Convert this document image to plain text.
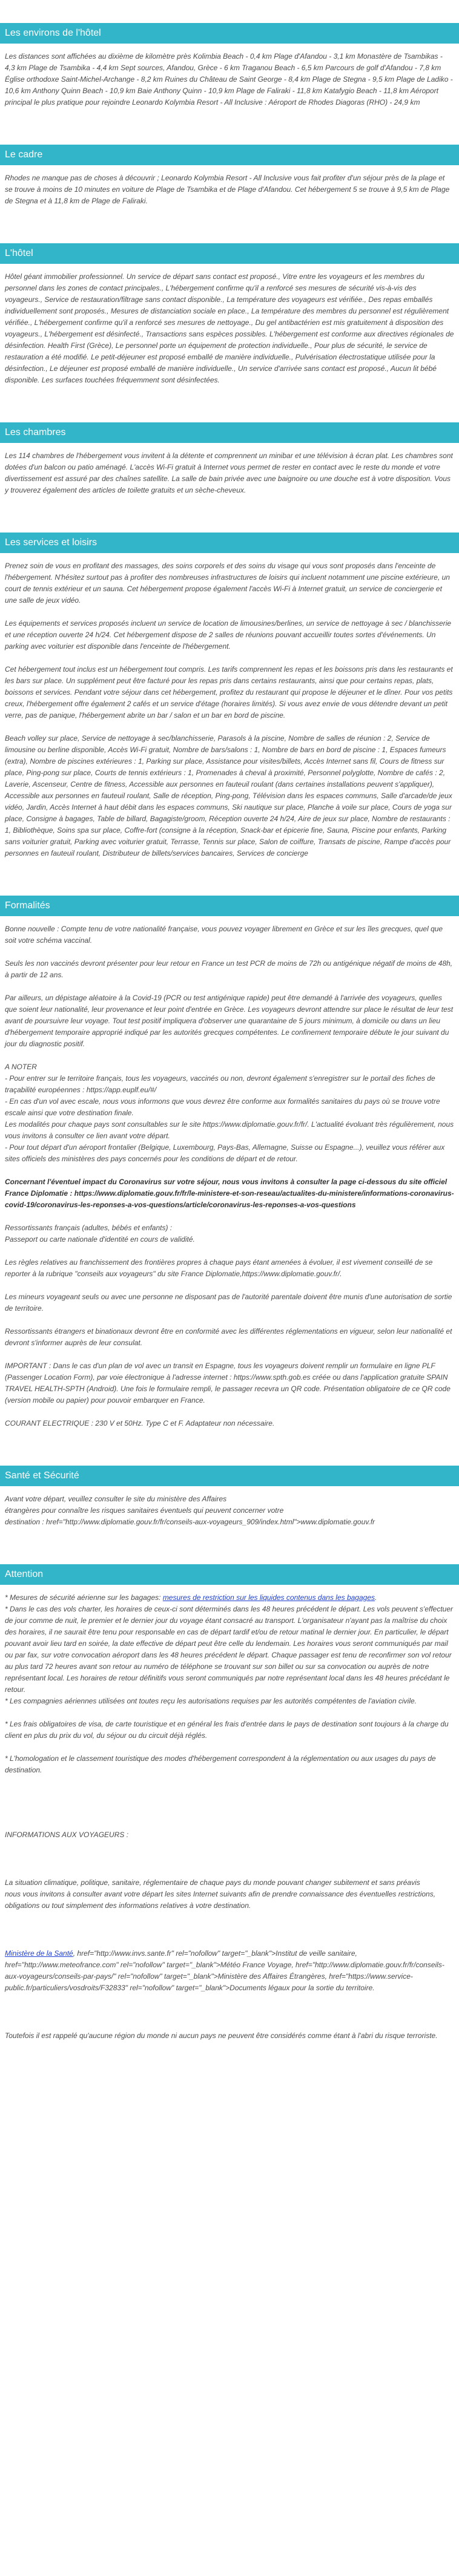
Les environs de l'hôtel

Les distances sont affichées au dixième de kilomètre près Kolimbia Beach - 0,4 km Plage d'Afandou - 3,1 km Monastère de Tsambikas - 4,3 km Plage de Tsambika - 4,4 km Sept sources, Afandou, Grèce - 6 km Traganou Beach - 6,5 km Parcours de golf d'Afandou - 7,8 km Église orthodoxe Saint-Michel-Archange - 8,2 km Ruines du Château de Saint George - 8,4 km Plage de Stegna - 9,5 km Plage de Ladiko - 10,6 km Anthony Quinn Beach - 10,9 km Baie Anthony Quinn - 10,9 km Plage de Faliraki - 11,8 km Katafygio Beach - 11,8 km Aéroport principal le plus pratique pour rejoindre Leonardo Kolymbia Resort - All Inclusive : Aéroport de Rhodes Diagoras (RHO) - 24,9 km

Le cadre

Rhodes ne manque pas de choses à découvrir ; Leonardo Kolymbia Resort - All Inclusive vous fait profiter d'un séjour près de la plage et se trouve à moins de 10 minutes en voiture de Plage de Tsambika et de Plage d'Afandou. Cet hébergement 5 se trouve à 9,5 km de Plage de Stegna et à 11,8 km de Plage de Faliraki.

L'hôtel

Hôtel géant immobilier professionnel. Un service de départ sans contact est proposé., Vitre entre les voyageurs et les membres du personnel dans les zones de contact principales., L'hébergement confirme qu'il a renforcé ses mesures de sécurité vis-à-vis des voyageurs., Service de restauration/filtrage sans contact disponible., La température des voyageurs est vérifiée., Des repas emballés individuellement sont proposés., Mesures de distanciation sociale en place., La température des membres du personnel est régulièrement vérifiée., L'hébergement confirme qu'il a renforcé ses mesures de nettoyage., Du gel antibactérien est mis gratuitement à disposition des voyageurs., L'hébergement est désinfecté., Transactions sans espèces possibles. L'hébergement est conforme aux directives régionales de désinfection. Health First (Grèce), Le personnel porte un équipement de protection individuelle., Pour plus de sécurité, le service de restauration a été modifié. Le petit-déjeuner est proposé emballé de manière individuelle., Pulvérisation électrostatique utilisée pour la désinfection., Le déjeuner est proposé emballé de manière individuelle., Un service d'arrivée sans contact est proposé., Aucun lit bébé disponible. Les surfaces touchées fréquemment sont désinfectées.

Les chambres

Les 114 chambres de l'hébergement vous invitent à la détente et comprennent un minibar et une télévision à écran plat. Les chambres sont dotées d'un balcon ou patio aménagé. L'accès Wi-Fi gratuit à Internet vous permet de rester en contact avec le reste du monde et votre divertissement est assuré par des chaînes satellite. La salle de bain privée avec une baignoire ou une douche est à votre disposition. Vous y trouverez également des articles de toilette gratuits et un sèche-cheveux.

Les services et loisirs

Prenez soin de vous en profitant des massages, des soins corporels et des soins du visage qui vous sont proposés dans l'enceinte de l'hébergement. N'hésitez surtout pas à profiter des nombreuses infrastructures de loisirs qui incluent notamment une piscine extérieure, un court de tennis extérieur et un sauna. Cet hébergement propose également l'accès Wi-Fi à Internet gratuit, un service de conciergerie et une salle de jeux vidéo.

Les équipements et services proposés incluent un service de location de limousines/berlines, un service de nettoyage à sec / blanchisserie et une réception ouverte 24 h/24. Cet hébergement dispose de 2 salles de réunions pouvant accueillir toutes sortes d'événements. Un parking avec voiturier est disponible dans l'enceinte de l'hébergement.

Cet hébergement tout inclus est un hébergement tout compris. Les tarifs comprennent les repas et les boissons pris dans les restaurants et les bars sur place. Un supplément peut être facturé pour les repas pris dans certains restaurants, ainsi que pour certains repas, plats, boissons et services. Pendant votre séjour dans cet hébergement, profitez du restaurant qui propose le déjeuner et le dîner. Pour vos petits creux, l'hébergement offre également 2 cafés et un service d'étage (horaires limités). Si vous avez envie de vous détendre devant un petit verre, pas de panique, l'hébergement abrite un bar / salon et un bar en bord de piscine.

Beach volley sur place, Service de nettoyage à sec/blanchisserie, Parasols à la piscine, Nombre de salles de réunion : 2, Service de limousine ou berline disponible, Accès Wi-Fi gratuit, Nombre de bars/salons : 1, Nombre de bars en bord de piscine : 1, Espaces fumeurs (extra), Nombre de piscines extérieures : 1, Parking sur place, Assistance pour visites/billets, Accès Internet sans fil, Cours de fitness sur place, Ping-pong sur place, Courts de tennis extérieurs : 1, Promenades à cheval à proximité, Personnel polyglotte, Nombre de cafés : 2, Laverie, Ascenseur, Centre de fitness, Accessible aux personnes en fauteuil roulant (dans certaines installations peuvent s'appliquer), Accessible aux personnes en fauteuil roulant, Salle de réception, Ping-pong, Télévision dans les espaces communs, Salle d'arcade/de jeux vidéo, Jardin, Accès Internet à haut débit dans les espaces communs, Ski nautique sur place, Planche à voile sur place, Cours de yoga sur place, Consigne à bagages, Table de billard, Bagagiste/groom, Réception ouverte 24 h/24, Aire de jeux sur place, Nombre de restaurants : 1, Bibliothèque, Soins spa sur place, Coffre-fort (consigne à la réception, Snack-bar et épicerie fine, Sauna, Piscine pour enfants, Parking sans voiturier gratuit, Parking avec voiturier gratuit, Terrasse, Tennis sur place, Salon de coiffure, Transats de piscine, Rampe d'accès pour personnes en fauteuil roulant, Distributeur de billets/services bancaires, Services de concierge

Formalités

Bonne nouvelle : Compte tenu de votre nationalité française, vous pouvez voyager librement en Grèce et sur les îles grecques, quel que soit votre schéma vaccinal.

Seuls les non vaccinés devront présenter pour leur retour en France un test PCR de moins de 72h ou antigénique négatif de moins de 48h, à partir de 12 ans.

Par ailleurs, un dépistage aléatoire à la Covid-19 (PCR ou test antigénique rapide) peut être demandé à l'arrivée des voyageurs, quelles que soient leur nationalité, leur provenance et leur point d'entrée en Grèce. Les voyageurs devront attendre sur place le résultat de leur test avant de poursuivre leur voyage. Tout test positif impliquera d'observer une quarantaine de 5 jours minimum, à domicile ou dans un lieu d'hébergement temporaire approprié indiqué par les autorités grecques compétentes. Le confinement temporaire débute le jour suivant du jour du diagnostic positif.

A NOTER
- Pour entrer sur le territoire français, tous les voyageurs, vaccinés ou non, devront également s'enregistrer sur le portail des fiches de traçabilité européennes : https://app.euplf.eu/#/
- En cas d'un vol avec escale, nous vous informons que vous devrez être conforme aux formalités sanitaires du pays où se trouve votre escale ainsi que votre destination finale.
Les modalités pour chaque pays sont consultables sur le site https://www.diplomatie.gouv.fr/fr/. L'actualité évoluant très régulièrement, nous vous invitons à consulter ce lien avant votre départ.
- Pour tout départ d'un aéroport frontalier (Belgique, Luxembourg, Pays-Bas, Allemagne, Suisse ou Espagne...), veuillez vous référer aux sites officiels des ministères des pays concernés pour les conditions de départ et de retour.

Concernant l'éventuel impact du Coronavirus sur votre séjour, nous vous invitons à consulter la page ci-dessous du site officiel France Diplomatie : https://www.diplomatie.gouv.fr/fr/le-ministere-et-son-reseau/actualites-du-ministere/informations-coronavirus-covid-19/coronavirus-les-reponses-a-vos-questions/article/coronavirus-les-reponses-a-vos-questions

Ressortissants français (adultes, bébés et enfants) :
Passeport ou carte nationale d'identité en cours de validité.

Les règles relatives au franchissement des frontières propres à chaque pays étant amenées à évoluer, il est vivement conseillé de se reporter à la rubrique "conseils aux voyageurs" du site France Diplomatie,https://www.diplomatie.gouv.fr/.

Les mineurs voyageant seuls ou avec une personne ne disposant pas de l'autorité parentale doivent être munis d'une autorisation de sortie de territoire.

Ressortissants étrangers et binationaux devront être en conformité avec les différentes réglementations en vigueur, selon leur nationalité et devront s'informer auprès de leur consulat.

IMPORTANT : Dans le cas d'un plan de vol avec un transit en Espagne, tous les voyageurs doivent remplir un formulaire en ligne PLF (Passenger Location Form), par voie électronique à l'adresse internet : https://www.spth.gob.es créée ou dans l'application gratuite SPAIN TRAVEL HEALTH-SPTH (Android). Une fois le formulaire rempli, le passager recevra un QR code. Présentation obligatoire de ce QR code (version mobile ou papier) pour pouvoir embarquer en France.

COURANT ELECTRIQUE : 230 V et 50Hz. Type C et F. Adaptateur non nécessaire.

Santé et Sécurité

Avant votre départ, veuillez consulter le site du ministère des Affaires
étrangères pour connaître les risques sanitaires éventuels qui peuvent concerner votre
destination : href="http://www.diplomatie.gouv.fr/fr/conseils-aux-voyageurs_909/index.html">www.diplomatie.gouv.fr

Attention

* Mesures de sécurité aérienne sur les bagages: mesures de restriction sur les liquides contenus dans les bagages.

* Dans le cas des vols charter, les horaires de ceux-ci sont déterminés dans les 48 heures précédent le départ. Les vols peuvent s'effectuer de jour comme de nuit, le premier et le dernier jour du voyage étant consacré au transport. L'organisateur n'ayant pas la maîtrise du choix des horaires, il ne saurait être tenu pour responsable en cas de départ tardif et/ou de retour matinal le dernier jour. En particulier, le départ pouvant avoir lieu tard en soirée, la date effective de départ peut être celle du lendemain. Les horaires vous seront communiqués par mail ou par fax, sur votre convocation aéroport dans les 48 heures précédent le départ. Chaque passager est tenu de reconfirmer son vol retour au plus tard 72 heures avant son retour au numéro de téléphone se trouvant sur son billet ou sur sa convocation ou auprès de notre représentant local. Les horaires de retour définitifs vous seront communiqués par notre représentant local dans les 48 heures précédant le retour.

* Les compagnies aériennes utilisées ont toutes reçu les autorisations requises par les autorités compétentes de l'aviation civile.

* Les frais obligatoires de visa, de carte touristique et en général les frais d'entrée dans le pays de destination sont toujours à la charge du client en plus du prix du vol, du séjour ou du circuit déjà réglés.

* L'homologation et le classement touristique des modes d'hébergement correspondent à la réglementation ou aux usages du pays de destination.

INFORMATIONS AUX VOYAGEURS :

La situation climatique, politique, sanitaire, réglementaire de chaque pays du monde pouvant changer subitement et sans préavis
nous vous invitons à consulter avant votre départ les sites Internet suivants afin de prendre connaissance des éventuelles restrictions, obligations ou tout simplement des informations relatives à votre destination.

Ministère de la Santé, href="http://www.invs.sante.fr" rel="nofollow" target="_blank">Institut de veille sanitaire, href="http://www.meteofrance.com" rel="nofollow" target="_blank">Météo France Voyage, href="http://www.diplomatie.gouv.fr/fr/conseils-aux-voyageurs/conseils-par-pays/" rel="nofollow" target="_blank">Ministère des Affaires Étrangères, href="https://www.service-public.fr/particuliers/vosdroits/F32833" rel="nofollow" target="_blank">Documents légaux pour la sortie du territoire.

Toutefois il est rappelé qu'aucune région du monde ni aucun pays ne peuvent être considérés comme étant à l'abri du risque terroriste.
